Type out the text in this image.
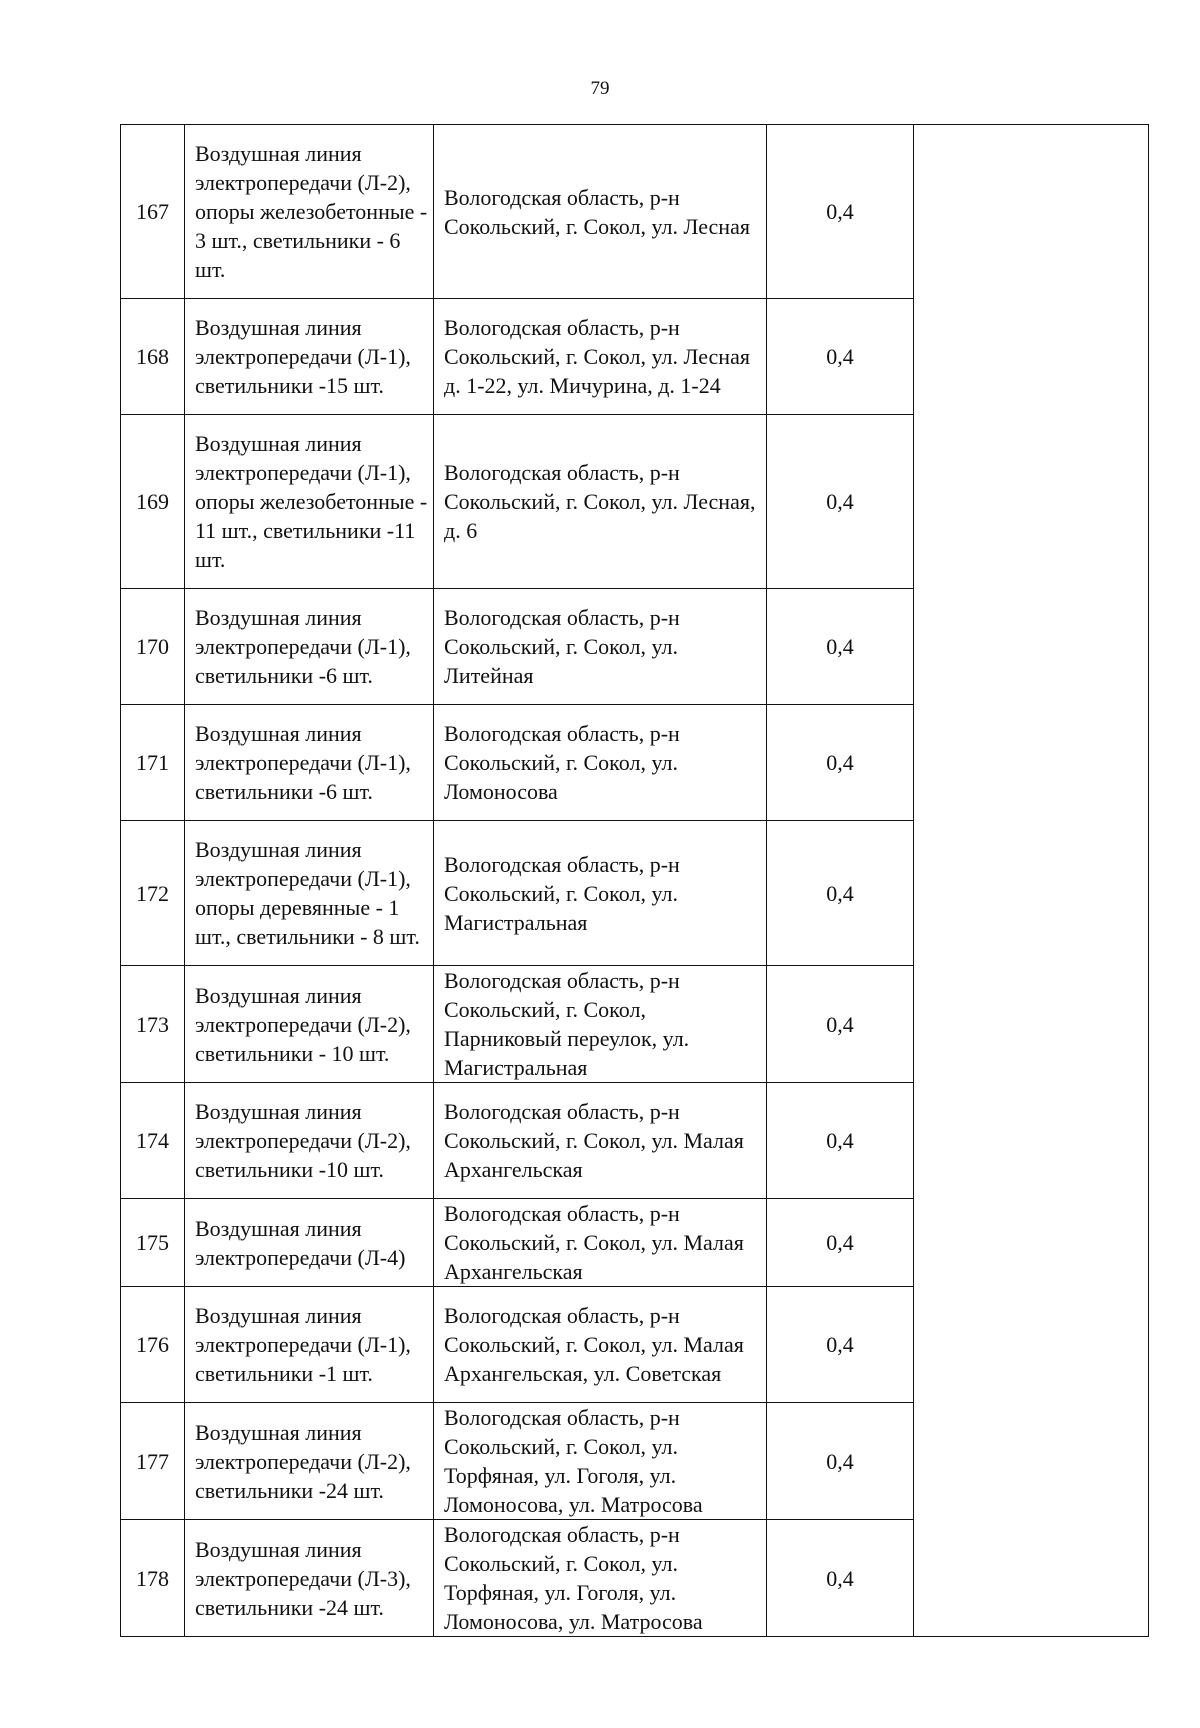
79
167	Воздушная линия электропередачи (Л-2), опоры железобетонные - 3 шт., светильники - 6 шт.	Вологодская область, р-н Сокольский, г. Сокол, ул. Лесная	0,4	
168	Воздушная линия электропередачи (Л-1), светильники -15 шт.	Вологодская область, р-н Сокольский, г. Сокол, ул. Лесная д. 1-22, ул. Мичурина, д. 1-24	0,4	
169	Воздушная линия электропередачи (Л-1), опоры железобетонные - 11 шт., светильники -11 шт.	Вологодская область, р-н Сокольский, г. Сокол, ул. Лесная, д. 6	0,4	
170	Воздушная линия электропередачи (Л-1), светильники -6 шт.	Вологодская область, р-н Сокольский, г. Сокол, ул. Литейная	0,4	
171	Воздушная линия электропередачи (Л-1), светильники -6 шт.	Вологодская область, р-н Сокольский, г. Сокол, ул. Ломоносова	0,4	
172	Воздушная линия электропередачи (Л-1), опоры деревянные - 1 шт., светильники - 8 шт.	Вологодская область, р-н Сокольский, г. Сокол, ул. Магистральная	0,4	
173	Воздушная линия электропередачи (Л-2), светильники - 10 шт.	Вологодская область, р-н Сокольский, г. Сокол, Парниковый переулок, ул. Магистральная	0,4	
174	Воздушная линия электропередачи (Л-2), светильники -10 шт.	Вологодская область, р-н Сокольский, г. Сокол, ул. Малая Архангельская	0,4	
175	Воздушная линия электропередачи (Л-4)	Вологодская область, р-н Сокольский, г. Сокол, ул. Малая Архангельская	0,4	
176	Воздушная линия электропередачи (Л-1), светильники -1 шт.	Вологодская область, р-н Сокольский, г. Сокол, ул. Малая Архангельская, ул. Советская	0,4	
177	Воздушная линия электропередачи (Л-2), светильники -24 шт.	Вологодская область, р-н Сокольский, г. Сокол, ул. Торфяная, ул. Гоголя, ул. Ломоносова, ул. Матросова	0,4	
178	Воздушная линия электропередачи (Л-3), светильники -24 шт.	Вологодская область, р-н Сокольский, г. Сокол, ул. Торфяная, ул. Гоголя, ул. Ломоносова, ул. Матросова	0,4	
